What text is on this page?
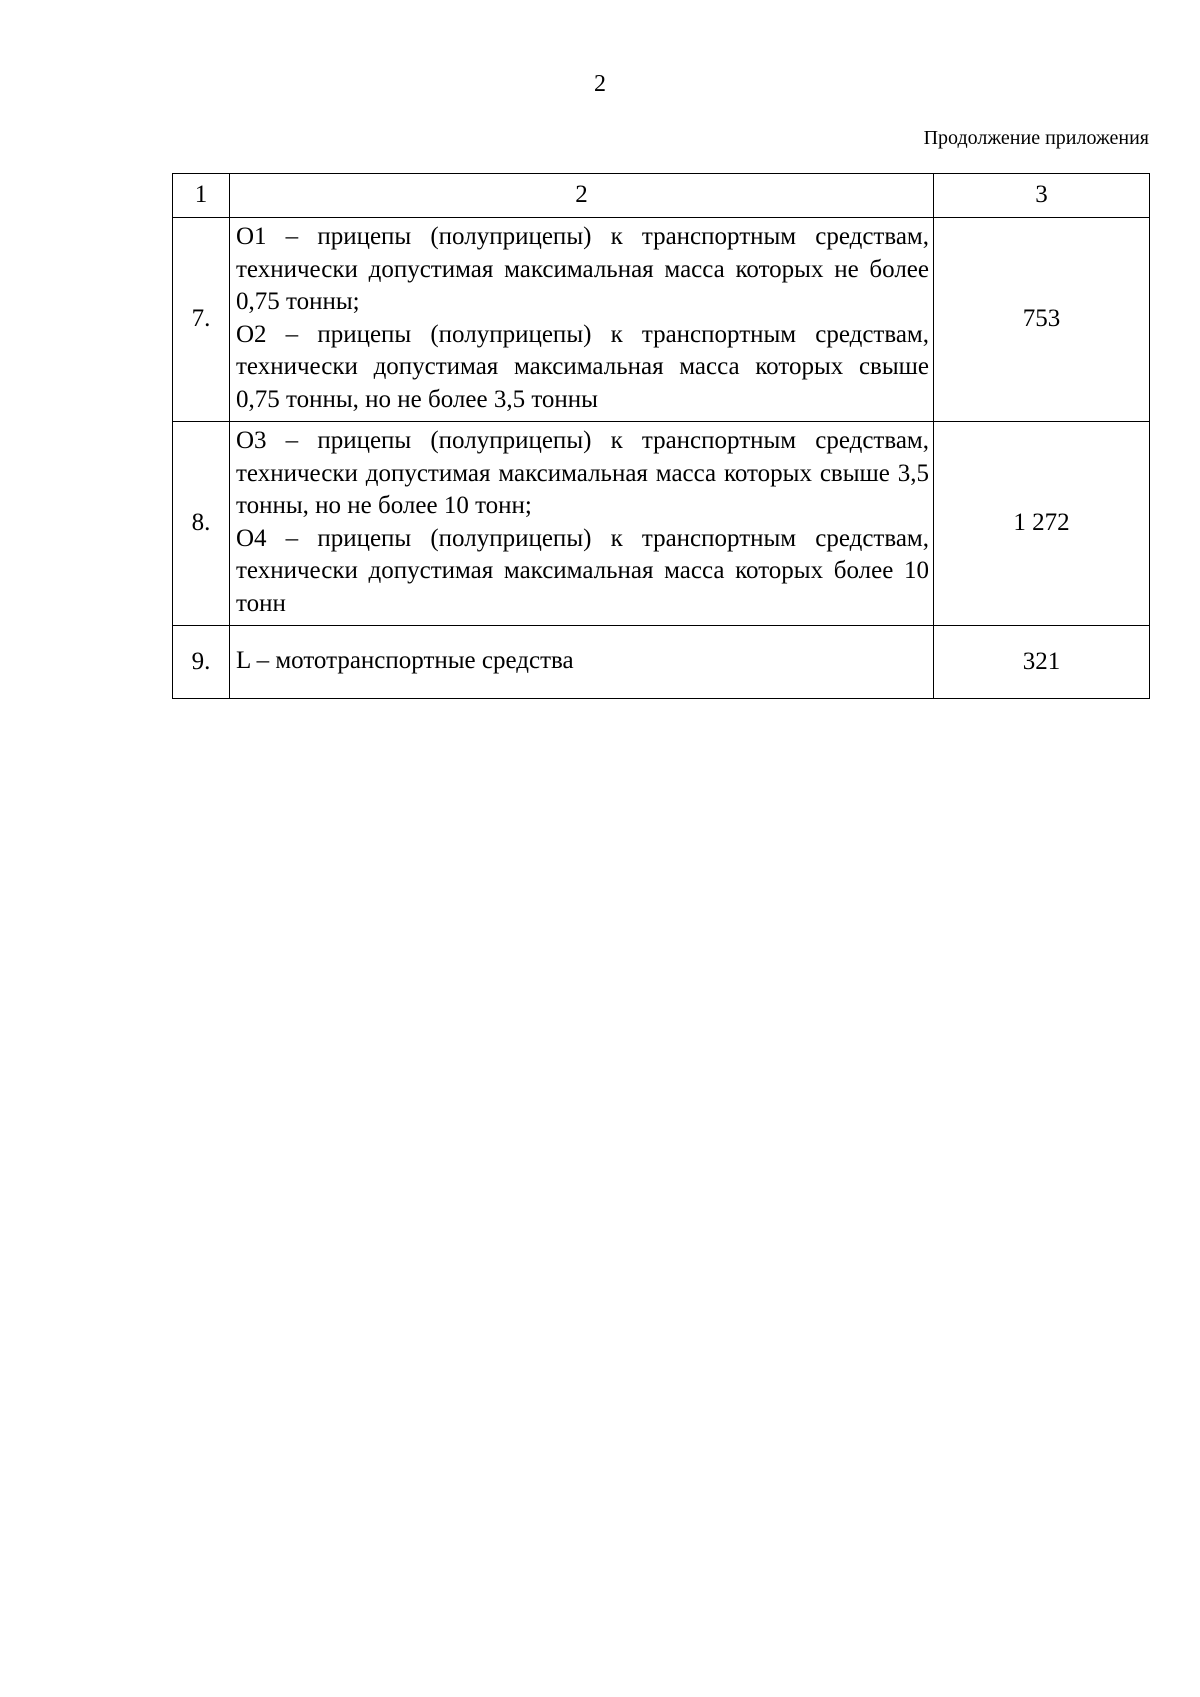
2
Продолжение приложения
1	2	3
7.	О1 – прицепы (полуприцепы) к транспортным средствам, технически допустимая максимальная масса которых не более 0,75 тонны;

О2 – прицепы (полуприцепы) к транспортным средствам, технически допустимая максимальная масса которых свыше 0,75 тонны, но не более 3,5 тонны	753
8.	О3 – прицепы (полуприцепы) к транспортным средствам, технически допустимая максимальная масса которых свыше 3,5 тонны, но не более 10 тонн;

О4 – прицепы (полуприцепы) к транспортным средствам, технически допустимая максимальная масса которых более 10 тонн	1 272
9.	L – мототранспортные средства	321
